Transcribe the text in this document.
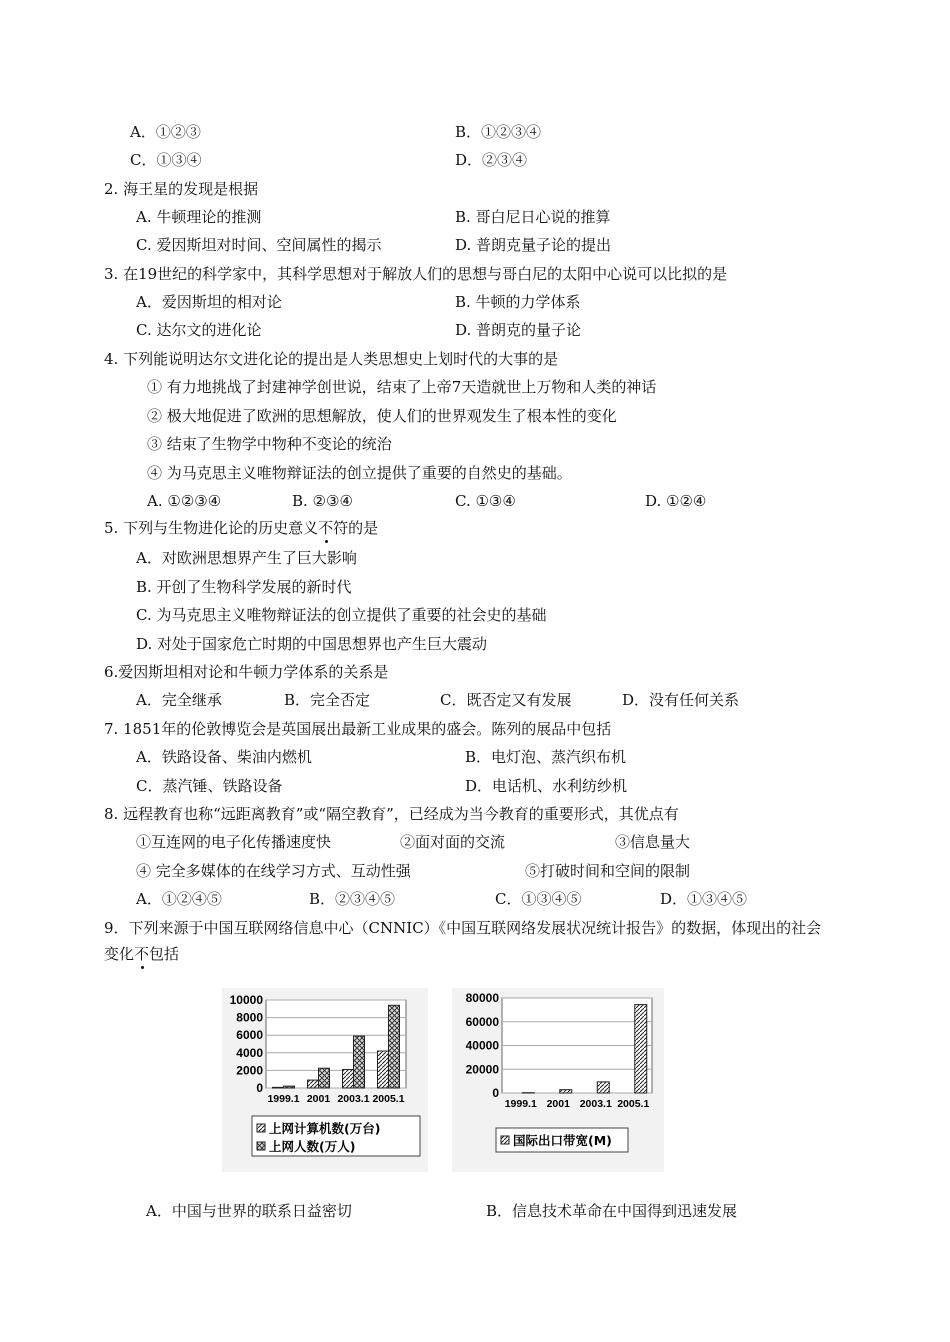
A．①②③	B．①②③④
C．①③④	D．②③④
2. 海王星的发现是根据
A. 牛顿理论的推测	B. 哥白尼日心说的推算
C. 爱因斯坦对时间、空间属性的揭示	D. 普朗克量子论的提出
3. 在19世纪的科学家中，其科学思想对于解放人们的思想与哥白尼的太阳中心说可以比拟的是
A．爱因斯坦的相对论	B. 牛顿的力学体系
C. 达尔文的进化论	D. 普朗克的量子论
4. 下列能说明达尔文进化论的提出是人类思想史上划时代的大事的是
① 有力地挑战了封建神学创世说，结束了上帝7天造就世上万物和人类的神话
② 极大地促进了欧洲的思想解放，使人们的世界观发生了根本性的变化
③ 结束了生物学中物种不变论的统治
④ 为马克思主义唯物辩证法的创立提供了重要的自然史的基础。
A. ①②③④	B. ②③④	C. ①③④	D. ①②④
5. 下列与生物进化论的历史意义不符的是
A．对欧洲思想界产生了巨大影响
B. 开创了生物科学发展的新时代
C. 为马克思主义唯物辩证法的创立提供了重要的社会史的基础
D. 对处于国家危亡时期的中国思想界也产生巨大震动
6.爱因斯坦相对论和牛顿力学体系的关系是
A．完全继承	B．完全否定	C．既否定又有发展	D．没有任何关系
7. 1851年的伦敦博览会是英国展出最新工业成果的盛会。陈列的展品中包括
A．铁路设备、柴油内燃机	B．电灯泡、蒸汽织布机
C．蒸汽锤、铁路设备	D．电话机、水利纺纱机
8. 远程教育也称“远距离教育”或“隔空教育”，已经成为当今教育的重要形式，其优点有
①互连网的电子化传播速度快	②面对面的交流	③信息量大
④ 完全多媒体的在线学习方式、互动性强	⑤打破时间和空间的限制
A．①②④⑤	B．②③④⑤	C．①③④⑤	D．①③④⑤
9．下列来源于中国互联网络信息中心（CNNIC）《中国互联网络发展状况统计报告》的数据，体现出的社会
变化不包括
0
2000
4000
6000
8000
10000
1999.1 2001 2003.1 2005.1
上网计算机数(万台)
上网人数(万人)
0
20000
40000
60000
80000
1999.1 2001 2003.1 2005.1
国际出口带宽(M)
A．中国与世界的联系日益密切	B．信息技术革命在中国得到迅速发展
